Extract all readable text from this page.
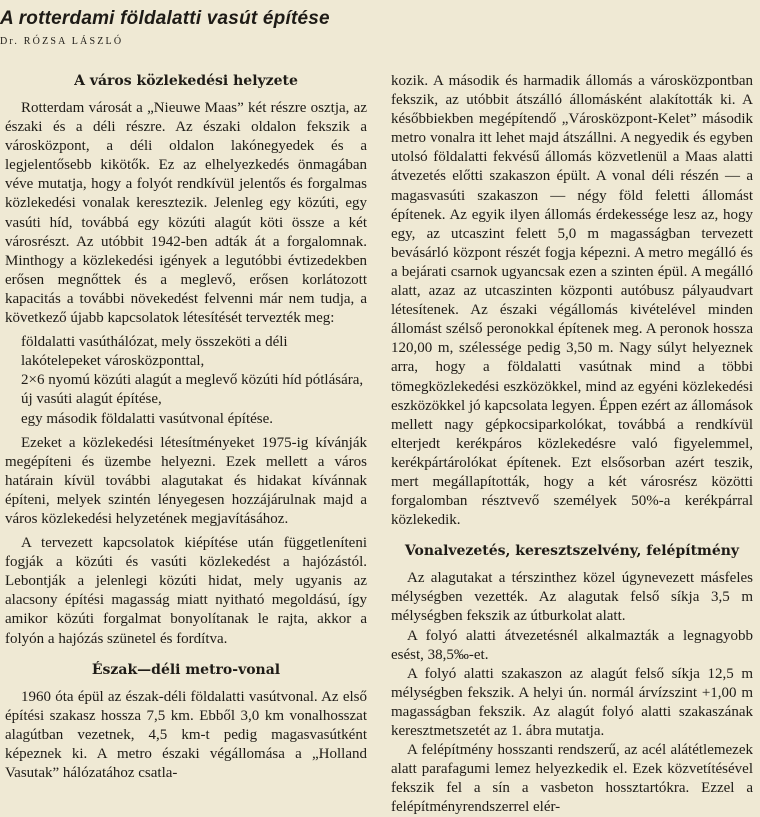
A rotterdami földalatti vasút építése
Dr. RÓZSA LÁSZLÓ
A város közlekedési helyzete

Rotterdam városát a „Nieuwe Maas” két részre osztja, az északi és a déli részre. Az északi oldalon fekszik a városközpont, a déli oldalon lakónegyedek és a legjelentősebb kikötők. Ez az elhelyezkedés önmagában véve mutatja, hogy a folyót rendkívül jelentős és forgalmas közlekedési vonalak keresztezik. Jelenleg egy közúti, egy vasúti híd, továbbá egy közúti alagút köti össze a két városrészt. Az utóbbit 1942-ben adták át a forgalomnak. Minthogy a közlekedési igények a legutóbbi évtizedekben erősen megnőttek és a meglevő, erősen korlátozott kapacitás a további növekedést felvenni már nem tudja, a következő újabb kapcsolatok létesítését tervezték meg:

földalatti vasúthálózat, mely összeköti a déli lakótelepeket városközponttal,

2×6 nyomú közúti alagút a meglevő közúti híd pótlására,

új vasúti alagút építése,

egy második földalatti vasútvonal építése.

Ezeket a közlekedési létesítményeket 1975-ig kívánják megépíteni és üzembe helyezni. Ezek mellett a város határain kívül további alagutakat és hidakat kívánnak építeni, melyek szintén lényegesen hozzájárulnak majd a város közlekedési helyzetének megjavításához.

A tervezett kapcsolatok kiépítése után függetleníteni fogják a közúti és vasúti közlekedést a hajózástól. Lebontják a jelenlegi közúti hidat, mely ugyanis az alacsony építési magasság miatt nyitható megoldású, így amikor közúti forgalmat bonyolítanak le rajta, akkor a folyón a hajózás szünetel és fordítva.

Észak—déli metro-vonal

1960 óta épül az észak-déli földalatti vasútvonal. Az első építési szakasz hossza 7,5 km. Ebből 3,0 km vonalhosszat alagútban vezetnek, 4,5 km-t pedig magasvasútként képeznek ki. A metro északi végállomása a „Holland Vasutak” hálózatához csatla-

kozik. A második és harmadik állomás a városközpontban fekszik, az utóbbit átszálló állomásként alakították ki. A későbbiekben megépítendő „Városközpont-Kelet” második metro vonalra itt lehet majd átszállni. A negyedik és egyben utolsó földalatti fekvésű állomás közvetlenül a Maas alatti átvezetés előtti szakaszon épült. A vonal déli részén — a magasvasúti szakaszon — négy föld feletti állomást építenek. Az egyik ilyen állomás érdekessége lesz az, hogy egy, az utcaszint felett 5,0 m magasságban tervezett bevásárló központ részét fogja képezni. A metro megálló és a bejárati csarnok ugyancsak ezen a szinten épül. A megálló alatt, azaz az utcaszinten központi autóbusz pályaudvart létesítenek. Az északi végállomás kivételével minden állomást szélső peronokkal építenek meg. A peronok hossza 120,00 m, szélessége pedig 3,50 m. Nagy súlyt helyeznek arra, hogy a földalatti vasútnak mind a többi tömegközlekedési eszközökkel, mind az egyéni közlekedési eszközökkel jó kapcsolata legyen. Éppen ezért az állomások mellett nagy gépkocsiparkolókat, továbbá a rendkívül elterjedt kerékpáros közlekedésre való figyelemmel, kerékpártárolókat építenek. Ezt elsősorban azért teszik, mert megállapították, hogy a két városrész közötti forgalomban résztvevő személyek 50%-a kerékpárral közlekedik.

Vonalvezetés, keresztszelvény, felépítmény

Az alagutakat a térszinthez közel úgynevezett másfeles mélységben vezették. Az alagutak felső síkja 3,5 m mélységben fekszik az útburkolat alatt.

A folyó alatti átvezetésnél alkalmazták a legnagyobb esést, 38,5‰-et.

A folyó alatti szakaszon az alagút felső síkja 12,5 m mélységben fekszik. A helyi ún. normál árvízszint +1,00 m magasságban fekszik. Az alagút folyó alatti szakaszának keresztmetszetét az 1. ábra mutatja.

A felépítmény hosszanti rendszerű, az acél alátétlemezek alatt parafagumi lemez helyezkedik el. Ezek közvetítésével fekszik fel a sín a vasbeton hossztartókra. Ezzel a felépítményrendszerrel elér-
